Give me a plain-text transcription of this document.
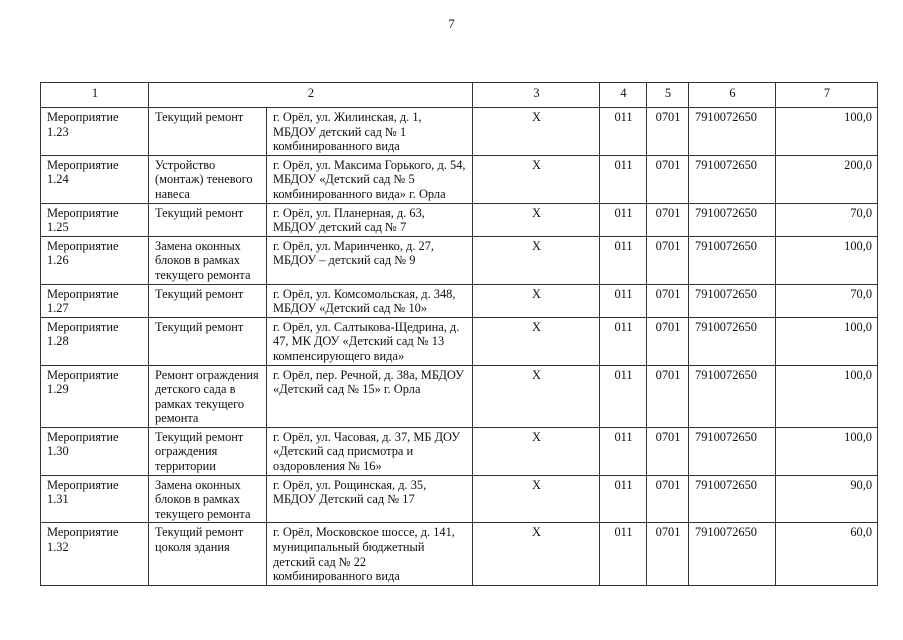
7
1	2		3	4	5	6	7
Мероприятие 1.23	Текущий ремонт	г. Орёл, ул. Жилинская, д. 1, МБДОУ детский сад № 1 комбинированного вида	Х	011	0701	7910072650	100,0
Мероприятие 1.24	Устройство (монтаж) теневого навеса	г. Орёл, ул. Максима Горького, д. 54, МБДОУ «Детский сад № 5 комбинированного вида» г. Орла	Х	011	0701	7910072650	200,0
Мероприятие 1.25	Текущий ремонт	г. Орёл, ул. Планерная, д. 63, МБДОУ детский сад № 7	Х	011	0701	7910072650	70,0
Мероприятие 1.26	Замена оконных блоков в рамках текущего ремонта	г. Орёл, ул. Маринченко, д. 27, МБДОУ – детский сад № 9	Х	011	0701	7910072650	100,0
Мероприятие 1.27	Текущий ремонт	г. Орёл, ул. Комсомольская, д. 348, МБДОУ «Детский сад № 10»	Х	011	0701	7910072650	70,0
Мероприятие 1.28	Текущий ремонт	г. Орёл, ул. Салтыкова-Щедрина, д. 47, МК ДОУ «Детский сад № 13 компенсирующего вида»	Х	011	0701	7910072650	100,0
Мероприятие 1.29	Ремонт ограждения детского сада в рамках текущего ремонта	г. Орёл, пер. Речной, д. 38а, МБДОУ «Детский сад № 15» г. Орла	Х	011	0701	7910072650	100,0
Мероприятие 1.30	Текущий ремонт ограждения территории	г. Орёл, ул. Часовая, д. 37, МБ ДОУ «Детский сад присмотра и оздоровления № 16»	Х	011	0701	7910072650	100,0
Мероприятие 1.31	Замена оконных блоков в рамках текущего ремонта	г. Орёл, ул. Рощинская, д. 35, МБДОУ Детский сад № 17	Х	011	0701	7910072650	90,0
Мероприятие 1.32	Текущий ремонт цоколя здания	г. Орёл, Московское шоссе, д. 141, муниципальный бюджетный детский сад № 22 комбинированного вида	Х	011	0701	7910072650	60,0
